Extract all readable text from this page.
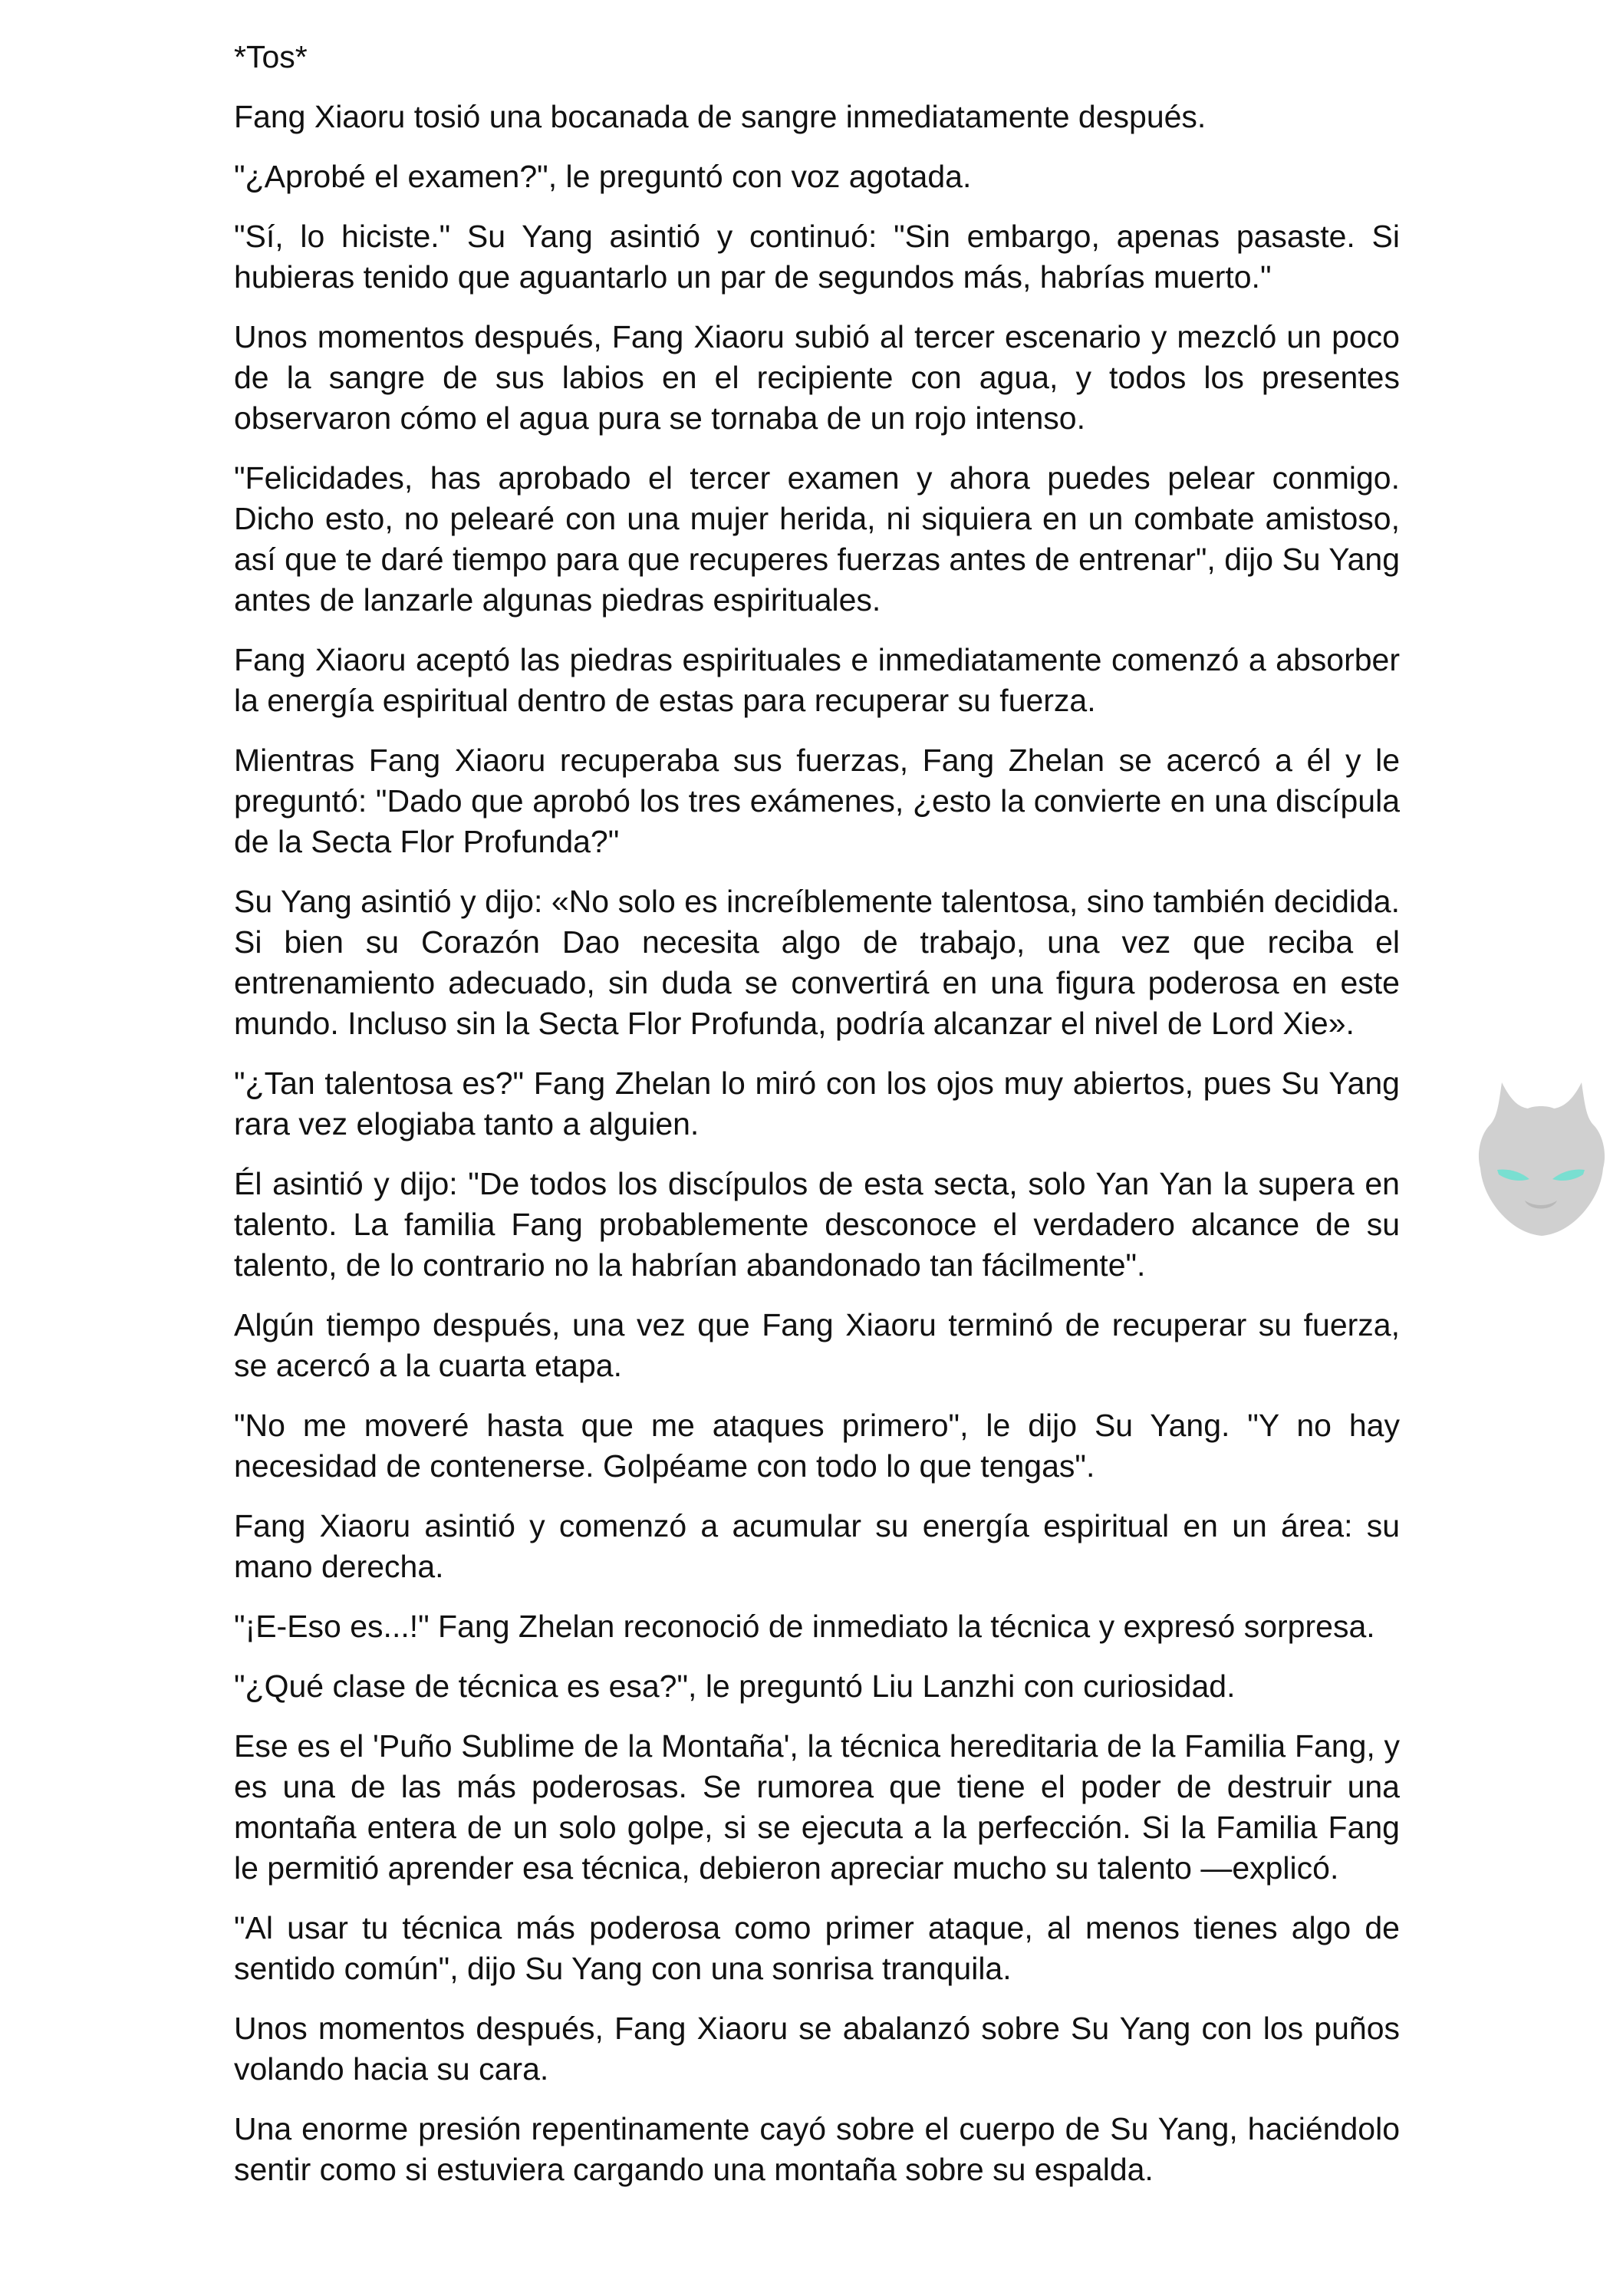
*Tos*

Fang Xiaoru tosió una bocanada de sangre inmediatamente después.

"¿Aprobé el examen?", le preguntó con voz agotada.

"Sí, lo hiciste." Su Yang asintió y continuó: "Sin embargo, apenas pasaste. Si hubieras tenido que aguantarlo un par de segundos más, habrías muerto."

Unos momentos después, Fang Xiaoru subió al tercer escenario y mezcló un poco de la sangre de sus labios en el recipiente con agua, y todos los presentes observaron cómo el agua pura se tornaba de un rojo intenso.

"Felicidades, has aprobado el tercer examen y ahora puedes pelear conmigo. Dicho esto, no pelearé con una mujer herida, ni siquiera en un combate amistoso, así que te daré tiempo para que recuperes fuerzas antes de entrenar", dijo Su Yang antes de lanzarle algunas piedras espirituales.

Fang Xiaoru aceptó las piedras espirituales e inmediatamente comenzó a absorber la energía espiritual dentro de estas para recuperar su fuerza.

Mientras Fang Xiaoru recuperaba sus fuerzas, Fang Zhelan se acercó a él y le preguntó: "Dado que aprobó los tres exámenes, ¿esto la convierte en una discípula de la Secta Flor Profunda?"

Su Yang asintió y dijo: «No solo es increíblemente talentosa, sino también decidida. Si bien su Corazón Dao necesita algo de trabajo, una vez que reciba el entrenamiento adecuado, sin duda se convertirá en una figura poderosa en este mundo. Incluso sin la Secta Flor Profunda, podría alcanzar el nivel de Lord Xie».

"¿Tan talentosa es?" Fang Zhelan lo miró con los ojos muy abiertos, pues Su Yang rara vez elogiaba tanto a alguien.

Él asintió y dijo: "De todos los discípulos de esta secta, solo Yan Yan la supera en talento. La familia Fang probablemente desconoce el verdadero alcance de su talento, de lo contrario no la habrían abandonado tan fácilmente".

Algún tiempo después, una vez que Fang Xiaoru terminó de recuperar su fuerza, se acercó a la cuarta etapa.

"No me moveré hasta que me ataques primero", le dijo Su Yang. "Y no hay necesidad de contenerse. Golpéame con todo lo que tengas".

Fang Xiaoru asintió y comenzó a acumular su energía espiritual en un área: su mano derecha.

"¡E-Eso es...!" Fang Zhelan reconoció de inmediato la técnica y expresó sorpresa.

"¿Qué clase de técnica es esa?", le preguntó Liu Lanzhi con curiosidad.

Ese es el 'Puño Sublime de la Montaña', la técnica hereditaria de la Familia Fang, y es una de las más poderosas. Se rumorea que tiene el poder de destruir una montaña entera de un solo golpe, si se ejecuta a la perfección. Si la Familia Fang le permitió aprender esa técnica, debieron apreciar mucho su talento —explicó.

"Al usar tu técnica más poderosa como primer ataque, al menos tienes algo de sentido común", dijo Su Yang con una sonrisa tranquila.

Unos momentos después, Fang Xiaoru se abalanzó sobre Su Yang con los puños volando hacia su cara.

Una enorme presión repentinamente cayó sobre el cuerpo de Su Yang, haciéndolo sentir como si estuviera cargando una montaña sobre su espalda.
